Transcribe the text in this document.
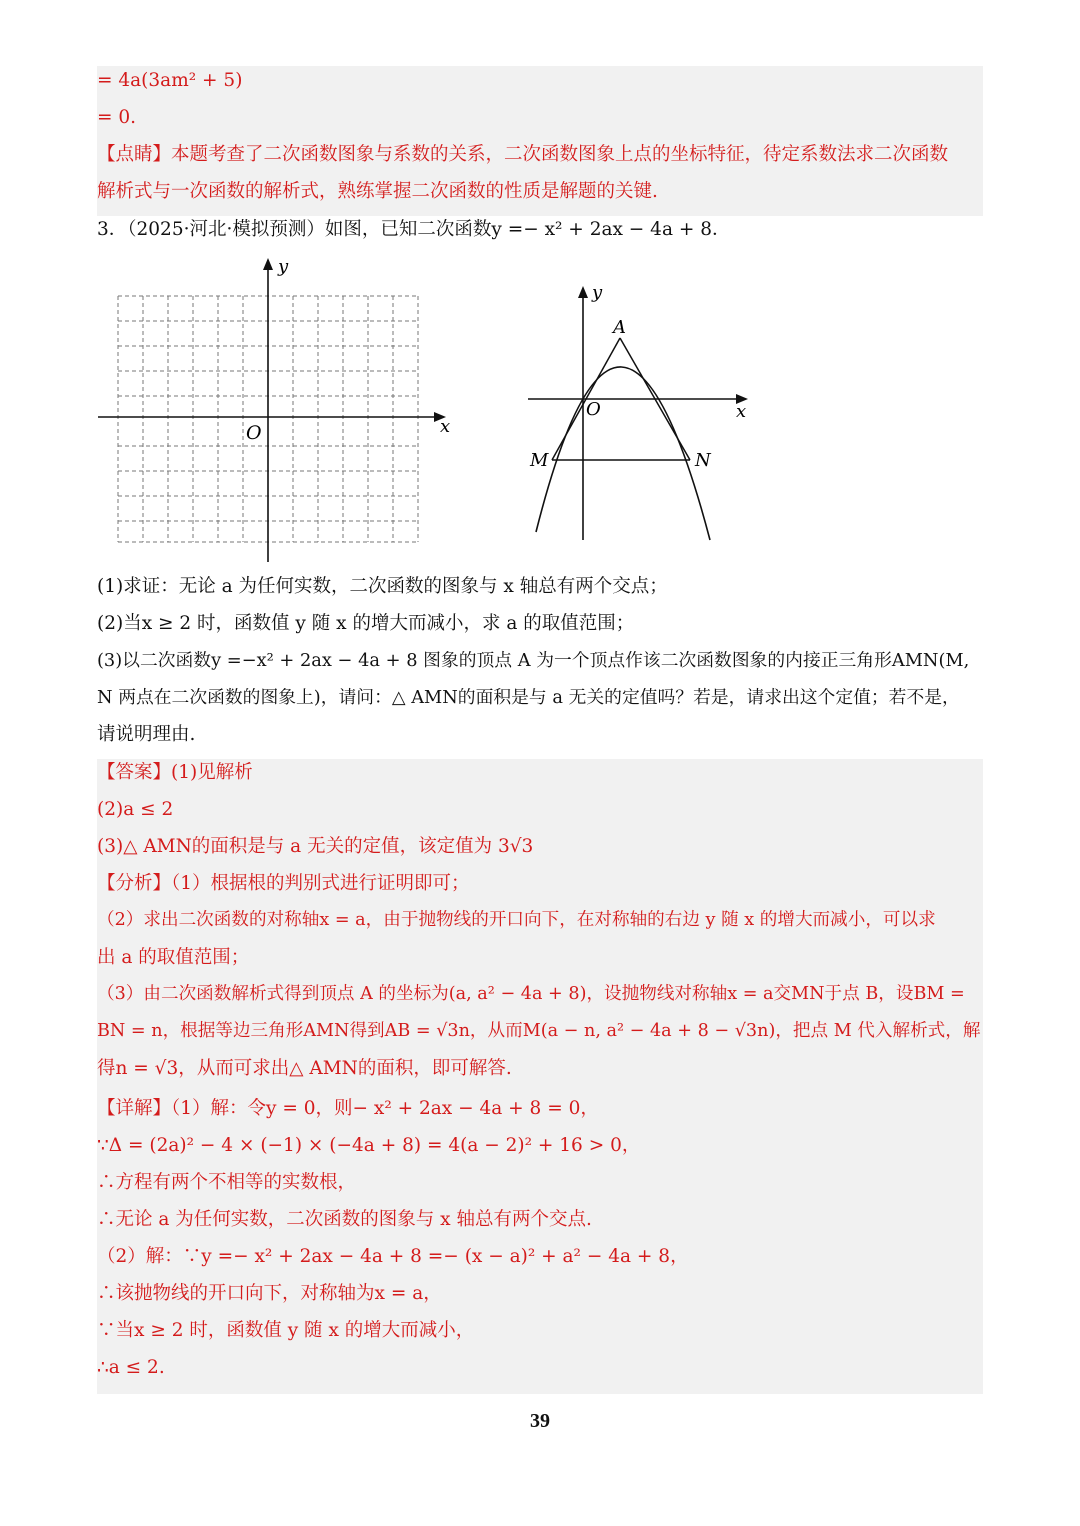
= 4a(3am² + 5)
= 0.
【点睛】本题考查了二次函数图象与系数的关系，二次函数图象上点的坐标特征，待定系数法求二次函数
解析式与一次函数的解析式，熟练掌握二次函数的性质是解题的关键.
3．（2025·河北·模拟预测）如图，已知二次函数y =− x² + 2ax − 4a + 8．
y
x
O
y
x
O
A
M	N
(1)求证：无论 a 为任何实数，二次函数的图象与 x 轴总有两个交点；
(2)当x ≥ 2 时，函数值 y 随 x 的增大而减小，求 a 的取值范围；
(3)以二次函数y =−x² + 2ax − 4a + 8 图象的顶点 A 为一个顶点作该二次函数图象的内接正三角形AMN(M,
N 两点在二次函数的图象上)，请问：△ AMN的面积是与 a 无关的定值吗？若是，请求出这个定值；若不是，
请说明理由.
【答案】(1)见解析
(2)a ≤ 2
(3)△ AMN的面积是与 a 无关的定值，该定值为 3√3
【分析】（1）根据根的判别式进行证明即可；
（2）求出二次函数的对称轴x = a，由于抛物线的开口向下，在对称轴的右边 y 随 x 的增大而减小，可以求
出 a 的取值范围；
（3）由二次函数解析式得到顶点 A 的坐标为(a, a² − 4a + 8)，设抛物线对称轴x = a交MN于点 B，设BM =
BN = n，根据等边三角形AMN得到AB = √3n，从而M(a − n, a² − 4a + 8 − √3n)，把点 M 代入解析式，解
得n = √3，从而可求出△ AMN的面积，即可解答.
【详解】（1）解：令y = 0，则− x² + 2ax − 4a + 8 = 0，
∵Δ = (2a)² − 4 × (−1) × (−4a + 8) = 4(a − 2)² + 16 > 0，
∴方程有两个不相等的实数根，
∴无论 a 为任何实数，二次函数的图象与 x 轴总有两个交点.
（2）解：∵y =− x² + 2ax − 4a + 8 =− (x − a)² + a² − 4a + 8，
∴该抛物线的开口向下，对称轴为x = a，
∵当x ≥ 2 时，函数值 y 随 x 的增大而减小，
∴a ≤ 2.
39
